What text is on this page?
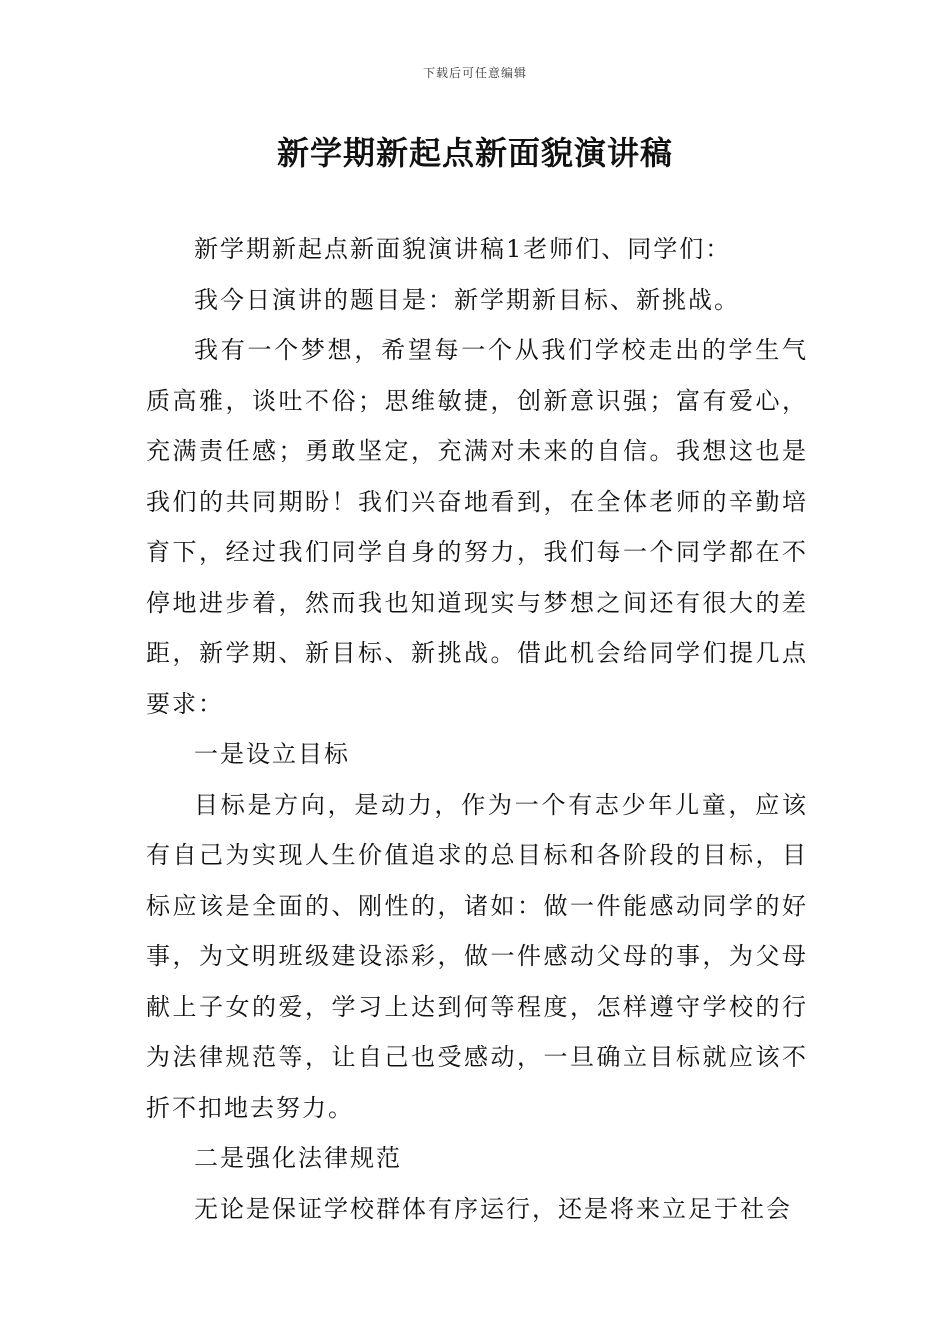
下载后可任意编辑
新学期新起点新面貌演讲稿

新学期新起点新面貌演讲稿1老师们、同学们：

我今日演讲的题目是：新学期新目标、新挑战。

我有一个梦想，希望每一个从我们学校走出的学生气质高雅，谈吐不俗；思维敏捷，创新意识强；富有爱心，充满责任感；勇敢坚定，充满对未来的自信。我想这也是我们的共同期盼！我们兴奋地看到，在全体老师的辛勤培育下，经过我们同学自身的努力，我们每一个同学都在不停地进步着，然而我也知道现实与梦想之间还有很大的差距，新学期、新目标、新挑战。借此机会给同学们提几点要求：

一是设立目标

目标是方向，是动力，作为一个有志少年儿童，应该有自己为实现人生价值追求的总目标和各阶段的目标，目标应该是全面的、刚性的，诸如：做一件能感动同学的好事，为文明班级建设添彩，做一件感动父母的事，为父母献上子女的爱，学习上达到何等程度，怎样遵守学校的行为法律规范等，让自己也受感动，一旦确立目标就应该不折不扣地去努力。

二是强化法律规范

无论是保证学校群体有序运行，还是将来立足于社会
